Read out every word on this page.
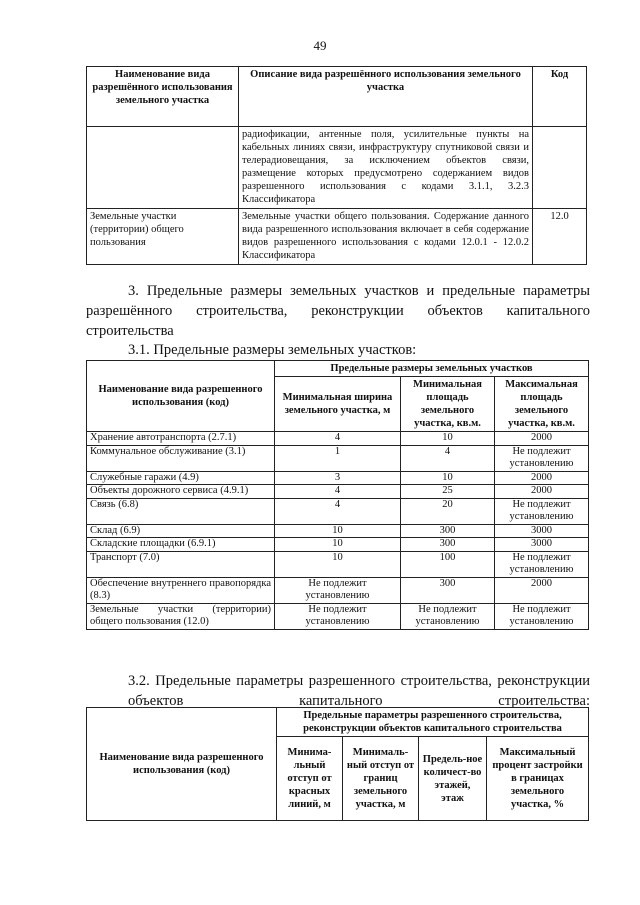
49
Наименование вида разрешённого использования земельного участка	Описание вида разрешённого использования земельного участка	Код
	радиофикации, антенные поля, усилительные пункты на кабельных линиях связи, инфраструктуру спутниковой связи и телерадиовещания, за исключением объектов связи, размещение которых предусмотрено содержанием видов разрешенного использования с кодами 3.1.1, 3.2.3 Классификатора	
Земельные участки (территории) общего пользования	Земельные участки общего пользования. Содержание данного вида разрешенного использования включает в себя содержание видов разрешенного использования с кодами 12.0.1 - 12.0.2 Классификатора	12.0

3. Предельные размеры земельных участков и предельные параметры разрешённого строительства, реконструкции объектов капитального строительства

3.1. Предельные размеры земельных участков:

Наименование вида разрешенного использования (код)	Предельные размеры земельных участков		
	Минимальная ширина земельного участка, м	Минимальная площадь земельного участка, кв.м.	Максимальная площадь земельного участка, кв.м.
Хранение автотранспорта (2.7.1)	4	10	2000
Коммунальное обслуживание (3.1)	1	4	Не подлежит установлению
Служебные гаражи (4.9)	3	10	2000
Объекты дорожного сервиса (4.9.1)	4	25	2000
Связь (6.8)	4	20	Не подлежит установлению
Склад (6.9)	10	300	3000
Складские площадки (6.9.1)	10	300	3000
Транспорт (7.0)	10	100	Не подлежит установлению
Обеспечение внутреннего правопорядка (8.3)	Не подлежит установлению	300	2000
Земельные участки (территории) общего пользования (12.0)	Не подлежит установлению	Не подлежит установлению	Не подлежит установлению

3.2. Предельные параметры разрешенного строительства, реконструкции объектов капитального строительства:

Наименование вида разрешенного использования (код)	Предельные параметры разрешенного строительства, реконструкции объектов капитального строительства			
	Минима-льный отступ от красных линий, м	Минималь-ный отступ от границ земельного участка, м	Предель-ное количест-во этажей, этаж	Максимальный процент застройки в границах земельного участка, %
